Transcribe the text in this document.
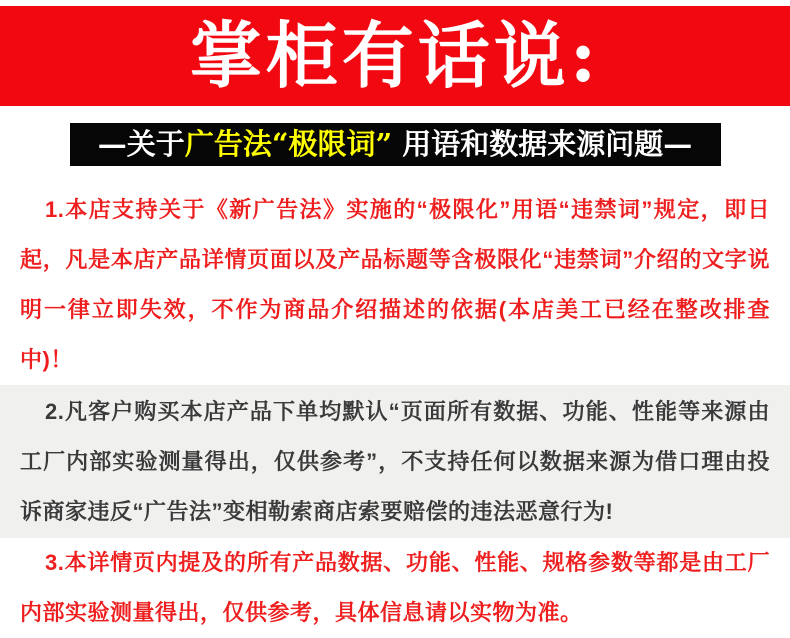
掌柜有话说:
—关于 广告法“极限词” 用语和数据来源问题—
1.本店支持关于《新广告法》实施的“极限化”用语“违禁词”规定，即日起，凡是本店产品详情页面以及产品标题等含极限化“违禁词”介绍的文字说明一律立即失效，不作为商品介绍描述的依据(本店美工已经在整改排查中)！
2.凡客户购买本店产品下单均默认“页面所有数据、功能、性能等来源由工厂内部实验测量得出，仅供参考”，不支持任何以数据来源为借口理由投诉商家违反“广告法”变相勒索商店索要赔偿的违法恶意行为!
3.本详情页内提及的所有产品数据、功能、性能、规格参数等都是由工厂内部实验测量得出，仅供参考，具体信息请以实物为准。
